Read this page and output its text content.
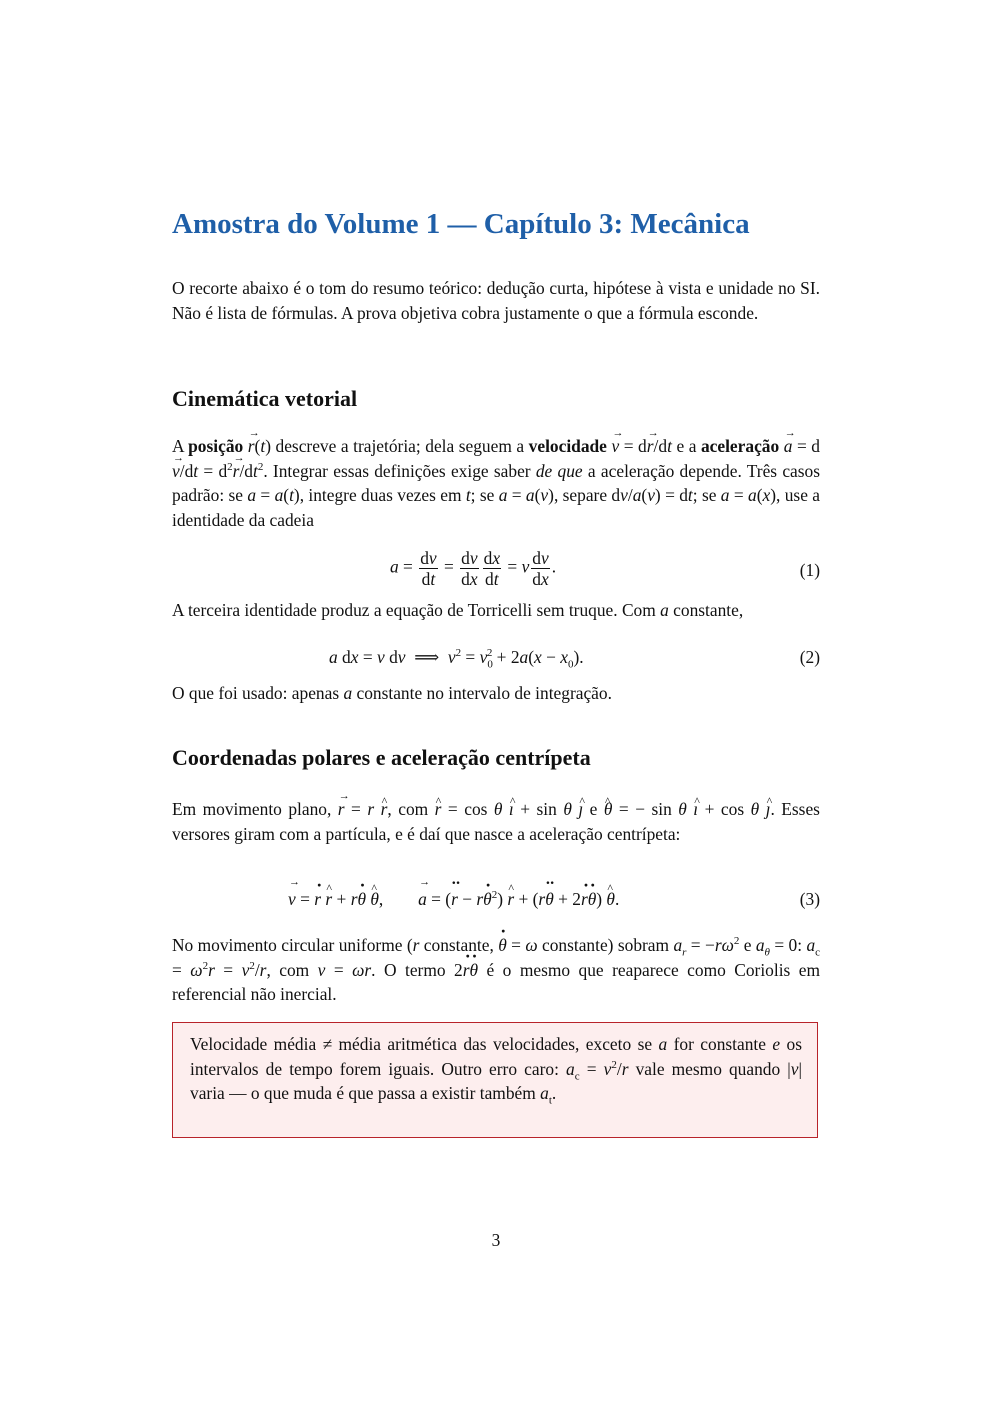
Amostra do Volume 1 — Capítulo 3: Mecânica

O recorte abaixo é o tom do resumo teórico: dedução curta, hipótese à vista e unidade no SI. Não é lista de fórmulas. A prova objetiva cobra justamente o que a fórmula esconde.

Cinemática vetorial

A posição → r(t) descreve a trajetória; dela seguem a velocidade → v = d→ r/dt e a aceleração → $a = d\to v/dt = d^2\to r/dt^2$. Integrar essas definições exige saber de que a aceleração depende. Três casos padrão: se a = a(t), integre duas vezes em t; se a = a(v), separe dv/a(v) = dt; se a = a(x), use a identidade da cadeia

$a = \frac{dv}{dt} = \frac{dv}{dx} \frac{dx}{dt} = v \frac{dv}{dx}$ .	(1)

A terceira identidade produz a equação de Torricelli sem truque. Com a constante,

a dx = v dv  ⟹  $v^2 = v_0^2 + 2a(x - x_0)$.	(2)

O que foi usado: apenas a constante no intervalo de integração.

Coordenadas polares e aceleração centrípeta

Em movimento plano, → r = r ^ r, com ^ r = cos θ ^ ı + sin θ ^ ȷ e ^ θ = − sin θ ^ ı + cos θ ^ ȷ. Esses versores giram com a partícula, e é daí que nasce a aceleração centrípeta:

→ v = · r ^ r + r· θ ^ θ,        → a = (·· $r - r\cdot \theta^2$) ^ r + (r·· θ + 2· r· θ) ^ θ.	(3)

No movimento circular uniforme (r constante, · θ = ω constante) sobram $a_r = -r\omega^2$ e $a_\theta = 0$: $a_c = \omega^2r = v^2/r$, com v = ωr. O termo 2· r· θ é o mesmo que reaparece como Coriolis em referencial não inercial.

Velocidade média ≠ média aritmética das velocidades, exceto se a for constante e os intervalos de tempo forem iguais. Outro erro caro: $a_c = v^2/r$ vale mesmo quando |v| varia — o que muda é que passa a existir também $a_t$.

3
